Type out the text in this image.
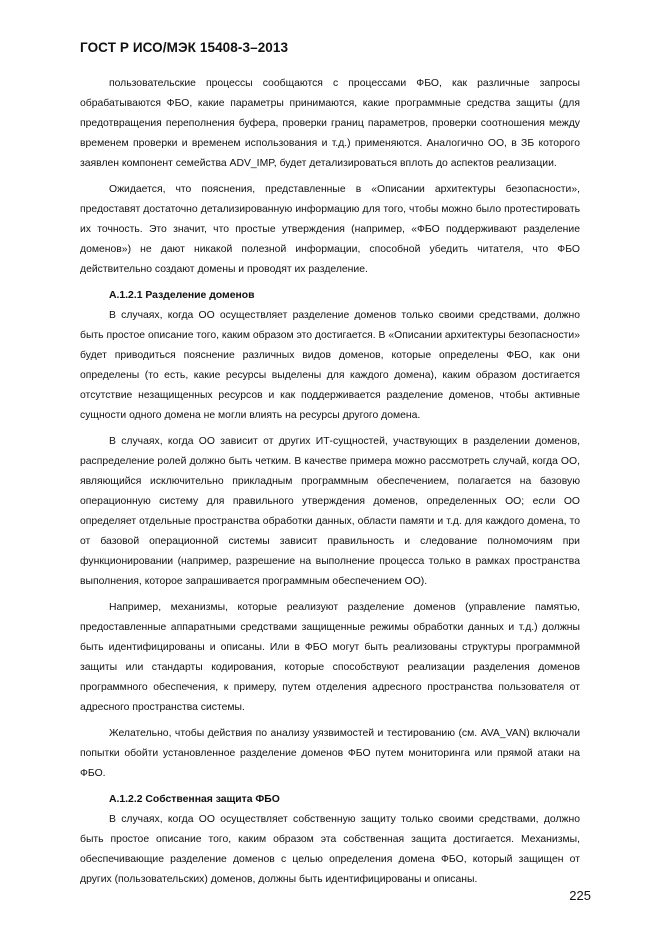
ГОСТ Р ИСО/МЭК 15408-3–2013

пользовательские процессы сообщаются с процессами ФБО, как различные запросы обрабатываются ФБО, какие параметры принимаются, какие программные средства защиты (для предотвращения переполнения буфера, проверки границ параметров, проверки соотношения между временем проверки и временем использования и т.д.) применяются. Аналогично ОО, в ЗБ которого заявлен компонент семейства ADV_IMP, будет детализироваться вплоть до аспектов реализации.

Ожидается, что пояснения, представленные в «Описании архитектуры безопасности», предоставят достаточно детализированную информацию для того, чтобы можно было протестировать их точность. Это значит, что простые утверждения (например, «ФБО поддерживают разделение доменов») не дают никакой полезной информации, способной убедить читателя, что ФБО действительно создают домены и проводят их разделение.

A.1.2.1 Разделение доменов

В случаях, когда ОО осуществляет разделение доменов только своими средствами, должно быть простое описание того, каким образом это достигается. В «Описании архитектуры безопасности» будет приводиться пояснение различных видов доменов, которые определены ФБО, как они определены (то есть, какие ресурсы выделены для каждого домена), каким образом достигается отсутствие незащищенных ресурсов и как поддерживается разделение доменов, чтобы активные сущности одного домена не могли влиять на ресурсы другого домена.

В случаях, когда ОО зависит от других ИТ-сущностей, участвующих в разделении доменов, распределение ролей должно быть четким. В качестве примера можно рассмотреть случай, когда ОО, являющийся исключительно прикладным программным обеспечением, полагается на базовую операционную систему для правильного утверждения доменов, определенных ОО; если ОО определяет отдельные пространства обработки данных, области памяти и т.д. для каждого домена, то от базовой операционной системы зависит правильность и следование полномочиям при функционировании (например, разрешение на выполнение процесса только в рамках пространства выполнения, которое запрашивается программным обеспечением ОО).

Например, механизмы, которые реализуют разделение доменов (управление памятью, предоставленные аппаратными средствами защищенные режимы обработки данных и т.д.) должны быть идентифицированы и описаны. Или в ФБО могут быть реализованы структуры программной защиты или стандарты кодирования, которые способствуют реализации разделения доменов программного обеспечения, к примеру, путем отделения адресного пространства пользователя от адресного пространства системы.

Желательно, чтобы действия по анализу уязвимостей и тестированию (см. AVA_VAN) включали попытки обойти установленное разделение доменов ФБО путем мониторинга или прямой атаки на ФБО.

A.1.2.2 Собственная защита ФБО

В случаях, когда ОО осуществляет собственную защиту только своими средствами, должно быть простое описание того, каким образом эта собственная защита достигается. Механизмы, обеспечивающие разделение доменов с целью определения домена ФБО, который защищен от других (пользовательских) доменов, должны быть идентифицированы и описаны.

225
